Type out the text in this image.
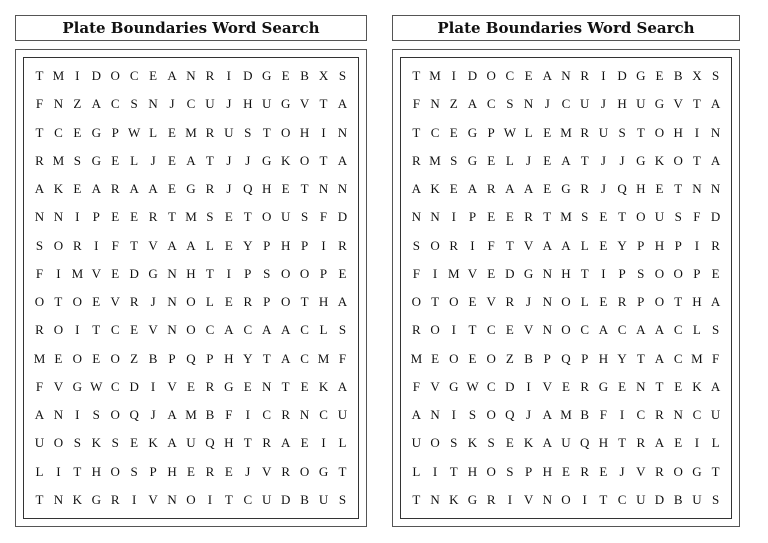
Plate Boundaries Word Search
T M I D O C E A N R I D G E B X S
F N Z A C S N J C U J H U G V T A
T C E G P W L E M R U S T O H I N
R M S G E L J E A T J	J G K O T A
A K E A R A A E G R J Q H E T N N
N N I	P E E R T M S E T O U S F D
S O R I	F T V A A L E Y P H P	I R
F	I M V E D G N H T I	P S O O P E
O T O E V R J N O L E R P O T H A
R O I T C E V N O C A C A A C L S
M E O E O Z B P Q P H Y T A C M F
F V G W C D I V E R G E N T E K A
A N I	S O Q J A M B F	I C R N C U
U O S K S E K A U Q H T R A E I L
L I T H O S P H E R E J V R O G T
T N K G R I V N O I T C U D B U S
Plate Boundaries Word Search
T M I D O C E A N R I D G E B X S
F N Z A C S N J C U J H U G V T A
T C E G P W L E M R U S T O H I N
R M S G E L J E A T J	J G K O T A
A K E A R A A E G R J Q H E T N N
N N I P E E R T M S E T O U S F D
S O R I F T V A A L E Y P H P I R
F I M V E D G N H T I P S O O P E
O T O E V R J N O L E R P O T H A
R O I T C E V N O C A C A A C L S
M E O E O Z B P Q P H Y T A C M F
F V G W C D I V E R G E N T E K A
A N I S O Q J A M B F I C R N C U
U O S K S E K A U Q H T R A E I L
L I T H O S P H E R E J V R O G T
T N K G R I V N O I T C U D B U S
